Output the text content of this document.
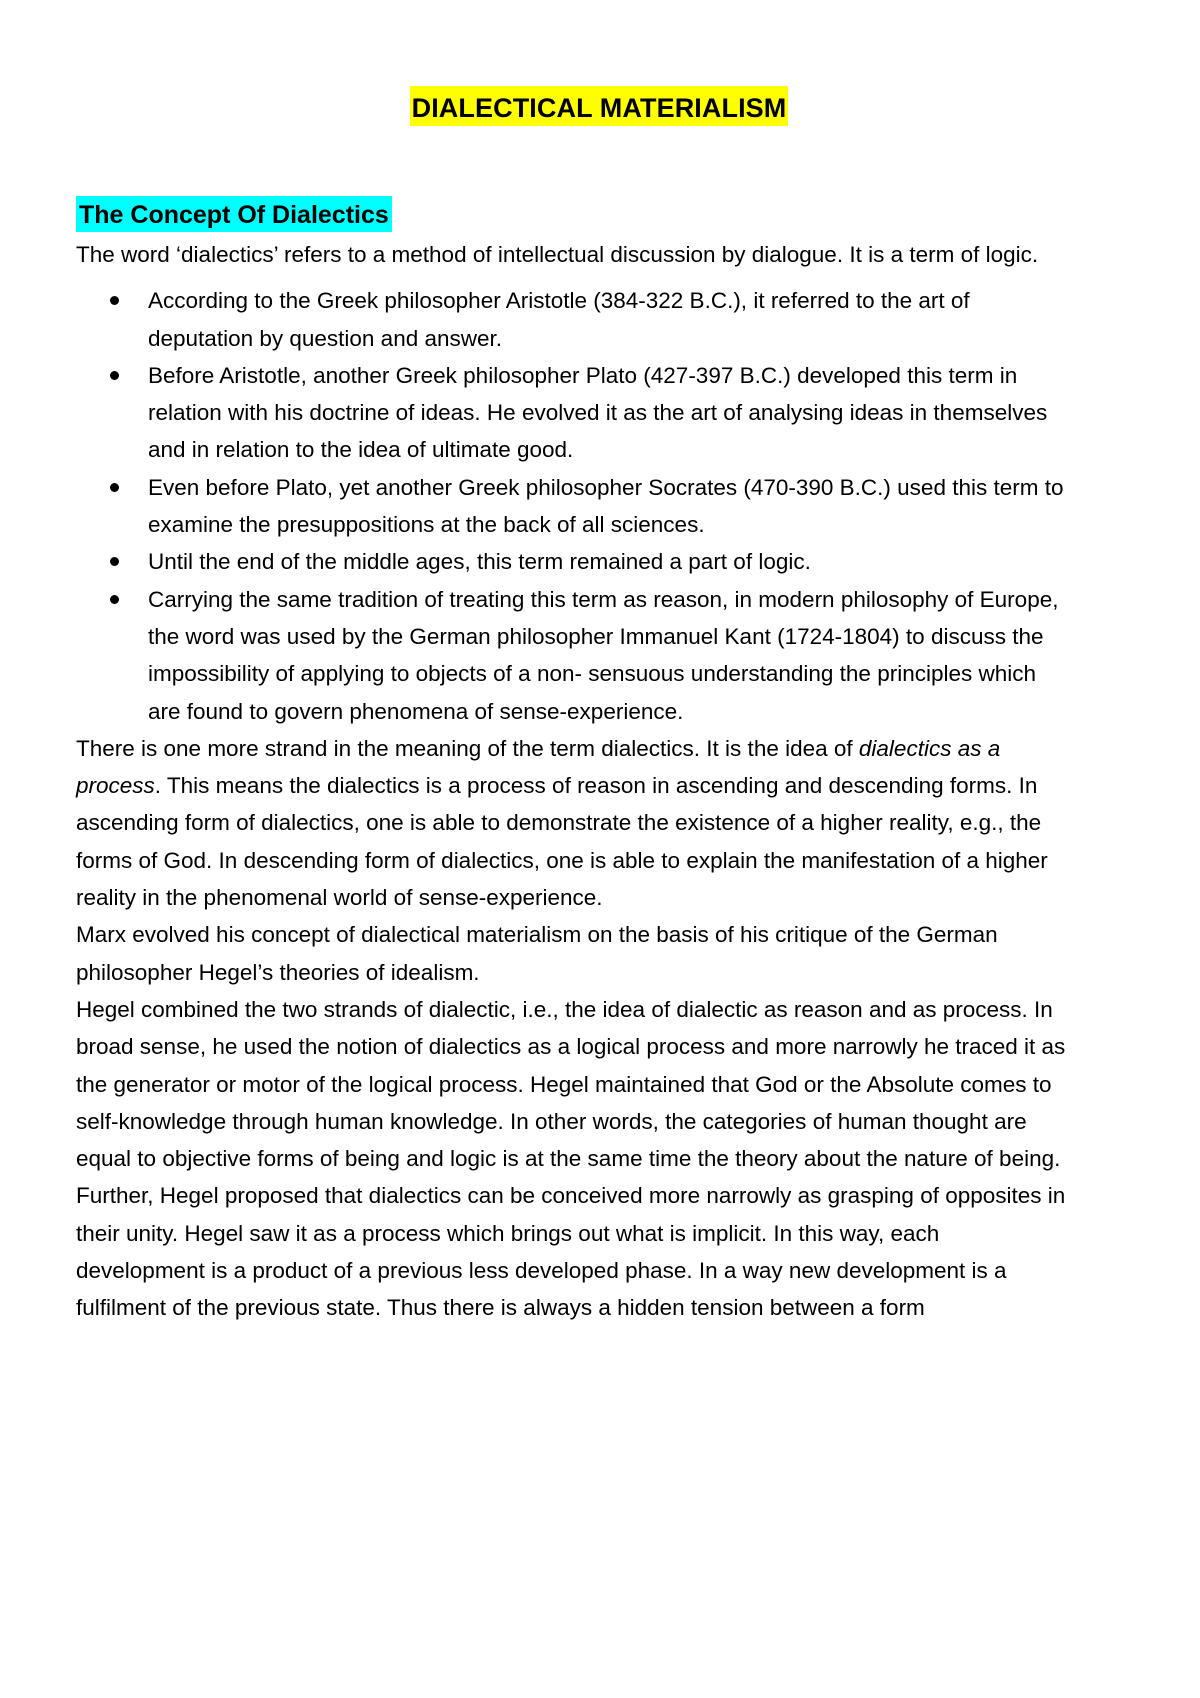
DIALECTICAL MATERIALISM
The Concept Of Dialectics

The word ‘dialectics’ refers to a method of intellectual discussion by dialogue. It is a term of logic.

According to the Greek philosopher Aristotle (384-322 B.C.), it referred to the art of deputation by question and answer.
Before Aristotle, another Greek philosopher Plato (427-397 B.C.) developed this term in relation with his doctrine of ideas. He evolved it as the art of analysing ideas in themselves and in relation to the idea of ultimate good.
Even before Plato, yet another Greek philosopher Socrates (470-390 B.C.) used this term to examine the presuppositions at the back of all sciences.
Until the end of the middle ages, this term remained a part of logic.
Carrying the same tradition of treating this term as reason, in modern philosophy of Europe, the word was used by the German philosopher Immanuel Kant (1724-1804) to discuss the impossibility of applying to objects of a non- sensuous understanding the principles which are found to govern phenomena of sense-experience.

There is one more strand in the meaning of the term dialectics. It is the idea of dialectics as a process. This means the dialectics is a process of reason in ascending and descending forms. In ascending form of dialectics, one is able to demonstrate the existence of a higher reality, e.g., the forms of God. In descending form of dialectics, one is able to explain the manifestation of a higher reality in the phenomenal world of sense-experience.

Marx evolved his concept of dialectical materialism on the basis of his critique of the German philosopher Hegel’s theories of idealism.

Hegel combined the two strands of dialectic, i.e., the idea of dialectic as reason and as process. In broad sense, he used the notion of dialectics as a logical process and more narrowly he traced it as the generator or motor of the logical process. Hegel maintained that God or the Absolute comes to self-knowledge through human knowledge. In other words, the categories of human thought are equal to objective forms of being and logic is at the same time the theory about the nature of being. Further, Hegel proposed that dialectics can be conceived more narrowly as grasping of opposites in their unity. Hegel saw it as a process which brings out what is implicit. In this way, each development is a product of a previous less developed phase. In a way new development is a fulfilment of the previous state. Thus there is always a hidden tension between a form
